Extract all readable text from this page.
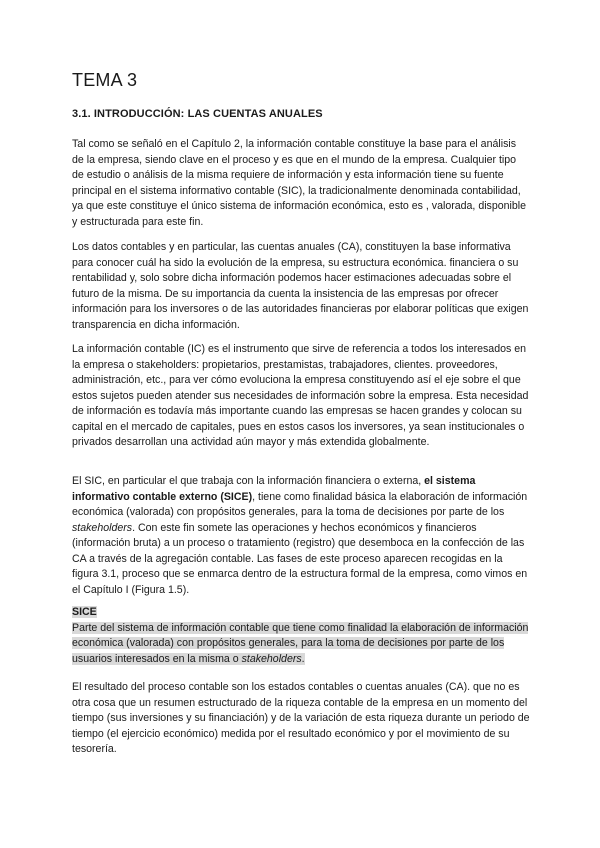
TEMA 3
3.1. INTRODUCCIÓN: LAS CUENTAS ANUALES

Tal como se señaló en el Capítulo 2, la información contable constituye la base para el análisis de la empresa, siendo clave en el proceso y es que en el mundo de la empresa. Cualquier tipo de estudio o análisis de la misma requiere de información y esta información tiene su fuente principal en el sistema informativo contable (SIC), la tradicionalmente denominada contabilidad, ya que este constituye el único sistema de información económica, esto es , valorada, disponible y estructurada para este fin.

Los datos contables y en particular, las cuentas anuales (CA), constituyen la base informativa para conocer cuál ha sido la evolución de la empresa, su estructura económica. financiera o su rentabilidad y, solo sobre dicha información podemos hacer estimaciones adecuadas sobre el futuro de la misma. De su importancia da cuenta la insistencia de las empresas por ofrecer información para los inversores o de las autoridades financieras por elaborar políticas que exigen transparencia en dicha información.

La información contable (IC) es el instrumento que sirve de referencia a todos los interesados en la empresa o stakeholders: propietarios, prestamistas, trabajadores, clientes. proveedores, administración, etc., para ver cómo evoluciona la empresa constituyendo así el eje sobre el que estos sujetos pueden atender sus necesidades de información sobre la empresa. Esta necesidad de información es todavía más importante cuando las empresas se hacen grandes y colocan su capital en el mercado de capitales, pues en estos casos los inversores, ya sean institucionales o privados desarrollan una actividad aún mayor y más extendida globalmente.

El SIC, en particular el que trabaja con la información financiera o externa, el sistema informativo contable externo (SICE), tiene como finalidad básica la elaboración de información económica (valorada) con propósitos generales, para la toma de decisiones por parte de los stakeholders. Con este fin somete las operaciones y hechos económicos y financieros (información bruta) a un proceso o tratamiento (registro) que desemboca en la confección de las CA a través de la agregación contable. Las fases de este proceso aparecen recogidas en la figura 3.1, proceso que se enmarca dentro de la estructura formal de la empresa, como vimos en el Capítulo I (Figura 1.5).

SICE
Parte del sistema de información contable que tiene como finalidad la elaboración de información económica (valorada) con propósitos generales, para la toma de decisiones por parte de los usuarios interesados en la misma o stakeholders.

El resultado del proceso contable son los estados contables o cuentas anuales (CA). que no es otra cosa que un resumen estructurado de la riqueza contable de la empresa en un momento del tiempo (sus inversiones y su financiación) y de la variación de esta riqueza durante un periodo de tiempo (el ejercicio económico) medida por el resultado económico y por el movimiento de su tesorería.
